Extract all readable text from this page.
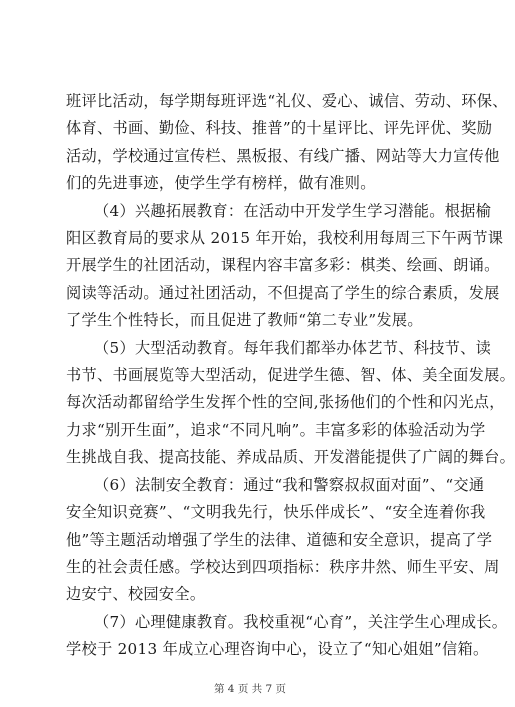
班评比活动，每学期每班评选“礼仪、爱心、诚信、劳动、环保、
体育、书画、勤俭、科技、推普”的十星评比、评先评优、奖励
活动，学校通过宣传栏、黑板报、有线广播、网站等大力宣传他
们的先进事迹，使学生学有榜样，做有准则。
（4）兴趣拓展教育：在活动中开发学生学习潜能。根据榆
阳区教育局的要求从 2015 年开始，我校利用每周三下午两节课
开展学生的社团活动，课程内容丰富多彩：棋类、绘画、朗诵。
阅读等活动。通过社团活动，不但提高了学生的综合素质，发展
了学生个性特长，而且促进了教师“第二专业”发展。
（5）大型活动教育。每年我们都举办体艺节、科技节、读
书节、书画展览等大型活动，促进学生德、智、体、美全面发展。
每次活动都留给学生发挥个性的空间,张扬他们的个性和闪光点，
力求“别开生面”，追求“不同凡响”。丰富多彩的体验活动为学
生挑战自我、提高技能、养成品质、开发潜能提供了广阔的舞台。
（6）法制安全教育：通过“我和警察叔叔面对面”、“交通
安全知识竞赛”、“文明我先行，快乐伴成长”、“安全连着你我
他”等主题活动增强了学生的法律、道德和安全意识，提高了学
生的社会责任感。学校达到四项指标：秩序井然、师生平安、周
边安宁、校园安全。
（7）心理健康教育。我校重视“心育”，关注学生心理成长。
学校于 2013 年成立心理咨询中心，设立了“知心姐姐”信箱。
第 4 页 共 7 页
